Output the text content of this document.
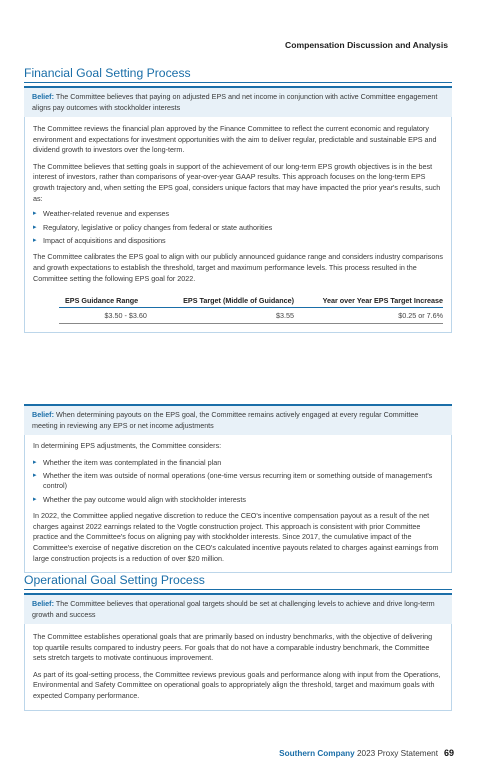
Compensation Discussion and Analysis
Financial Goal Setting Process
Belief: The Committee believes that paying on adjusted EPS and net income in conjunction with active Committee engagement aligns pay outcomes with stockholder interests
The Committee reviews the financial plan approved by the Finance Committee to reflect the current economic and regulatory environment and expectations for investment opportunities with the aim to deliver regular, predictable and sustainable EPS and dividend growth to investors over the long-term.
The Committee believes that setting goals in support of the achievement of our long-term EPS growth objectives is in the best interest of investors, rather than comparisons of year-over-year GAAP results. This approach focuses on the long-term EPS growth trajectory and, when setting the EPS goal, considers unique factors that may have impacted the prior year's results, such as:
▸ Weather-related revenue and expenses
▸ Regulatory, legislative or policy changes from federal or state authorities
▸ Impact of acquisitions and dispositions
The Committee calibrates the EPS goal to align with our publicly announced guidance range and considers industry comparisons and growth expectations to establish the threshold, target and maximum performance levels. This process resulted in the Committee setting the following EPS goal for 2022.
EPS Guidance Range	EPS Target (Middle of Guidance)	Year over Year EPS Target Increase
$3.50 - $3.60	$3.55	$0.25 or 7.6%
Belief: When determining payouts on the EPS goal, the Committee remains actively engaged at every regular Committee meeting in reviewing any EPS or net income adjustments
In determining EPS adjustments, the Committee considers:
▸ Whether the item was contemplated in the financial plan
▸ Whether the item was outside of normal operations (one-time versus recurring item or something outside of management's control)
▸ Whether the pay outcome would align with stockholder interests
In 2022, the Committee applied negative discretion to reduce the CEO's incentive compensation payout as a result of the net charges against 2022 earnings related to the Vogtle construction project. This approach is consistent with prior Committee practice and the Committee's focus on aligning pay with stockholder interests. Since 2017, the cumulative impact of the Committee's exercise of negative discretion on the CEO's calculated incentive payouts related to charges against earnings from large construction projects is a reduction of over $20 million.
Operational Goal Setting Process
Belief: The Committee believes that operational goal targets should be set at challenging levels to achieve and drive long-term growth and success
The Committee establishes operational goals that are primarily based on industry benchmarks, with the objective of delivering top quartile results compared to industry peers. For goals that do not have a comparable industry benchmark, the Committee sets stretch targets to motivate continuous improvement.
As part of its goal-setting process, the Committee reviews previous goals and performance along with input from the Operations, Environmental and Safety Committee on operational goals to appropriately align the threshold, target and maximum goals with expected Company performance.
Southern Company 2023 Proxy Statement 69
